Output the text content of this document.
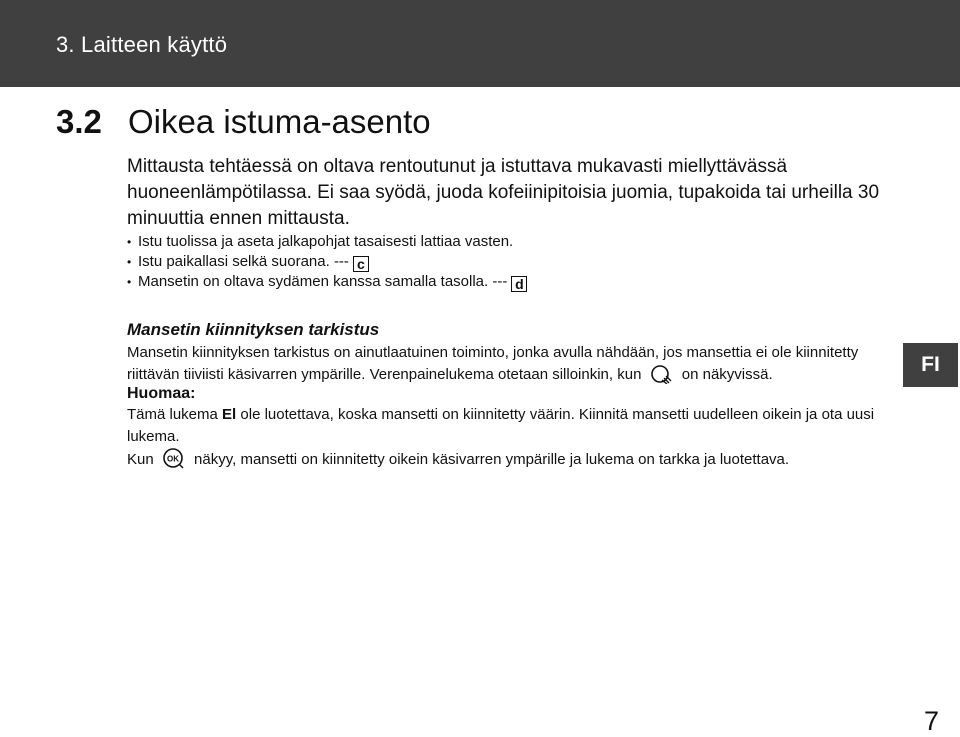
3. Laitteen käyttö
3.2 Oikea istuma-asento
Mittausta tehtäessä on oltava rentoutunut ja istuttava mukavasti miellyttävässä huoneenlämpötilassa. Ei saa syödä, juoda kofeiinipitoisia juomia, tupakoida tai urheilla 30 minuuttia ennen mittausta.
• Istu tuolissa ja aseta jalkapohjat tasaisesti lattiaa vasten.
• Istu paikallasi selkä suorana. --- c
• Mansetin on oltava sydämen kanssa samalla tasolla. --- d
Mansetin kiinnityksen tarkistus
Mansetin kiinnityksen tarkistus on ainutlaatuinen toiminto, jonka avulla nähdään, jos mansettia ei ole kiinnitetty riittävän tiiviisti käsivarren ympärille. Verenpainelukema otetaan silloinkin, kun	on näkyvissä.
Huomaa:
Tämä lukema El ole luotettava, koska mansetti on kiinnitetty väärin. Kiinnitä mansetti uudelleen oikein ja ota uusi lukema.
Kun OK näkyy, mansetti on kiinnitetty oikein käsivarren ympärille ja lukema on tarkka ja luotettava.
FI
7
